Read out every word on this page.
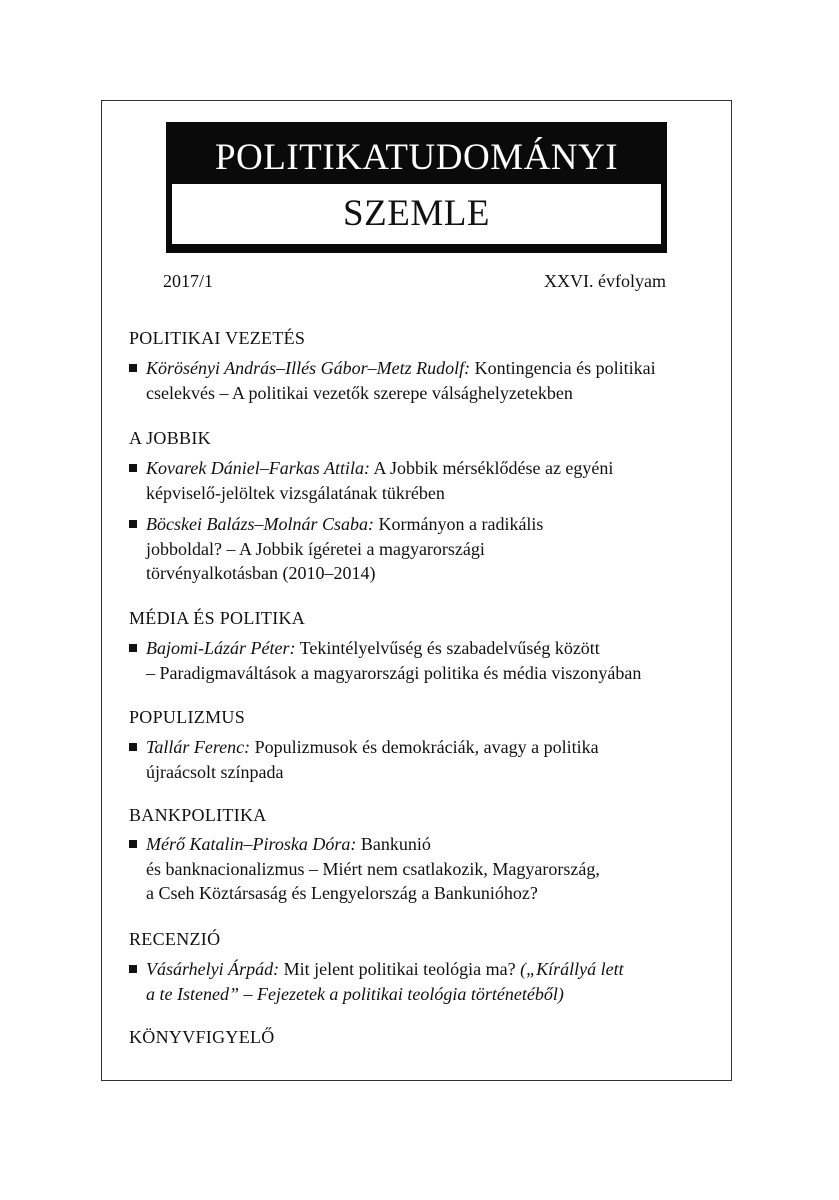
POLITIKATUDOMÁNYI
SZEMLE
2017/1	XXVI. évfolyam
POLITIKAI VEZETÉS
Körösényi András–Illés Gábor–Metz Rudolf: Kontingencia és politikai
cselekvés – A politikai vezetők szerepe válsághelyzetekben
A JOBBIK
Kovarek Dániel–Farkas Attila: A Jobbik mérséklődése az egyéni
képviselő-jelöltek vizsgálatának tükrében
Böcskei Balázs–Molnár Csaba: Kormányon a radikális
jobboldal? – A Jobbik ígéretei a magyarországi
törvényalkotásban (2010–2014)
MÉDIA ÉS POLITIKA
Bajomi-Lázár Péter: Tekintélyelvűség és szabadelvűség között
– Paradigmaváltások a magyarországi politika és média viszonyában
POPULIZMUS
Tallár Ferenc: Populizmusok és demokráciák, avagy a politika
újraácsolt színpada
BANKPOLITIKA
Mérő Katalin–Piroska Dóra: Bankunió
és banknacionalizmus – Miért nem csatlakozik, Magyarország,
a Cseh Köztársaság és Lengyelország a Bankunióhoz?
RECENZIÓ
Vásárhelyi Árpád: Mit jelent politikai teológia ma? („Kírállyá lett
a te Istened” – Fejezetek a politikai teológia történetéből)
KÖNYVFIGYELŐ
